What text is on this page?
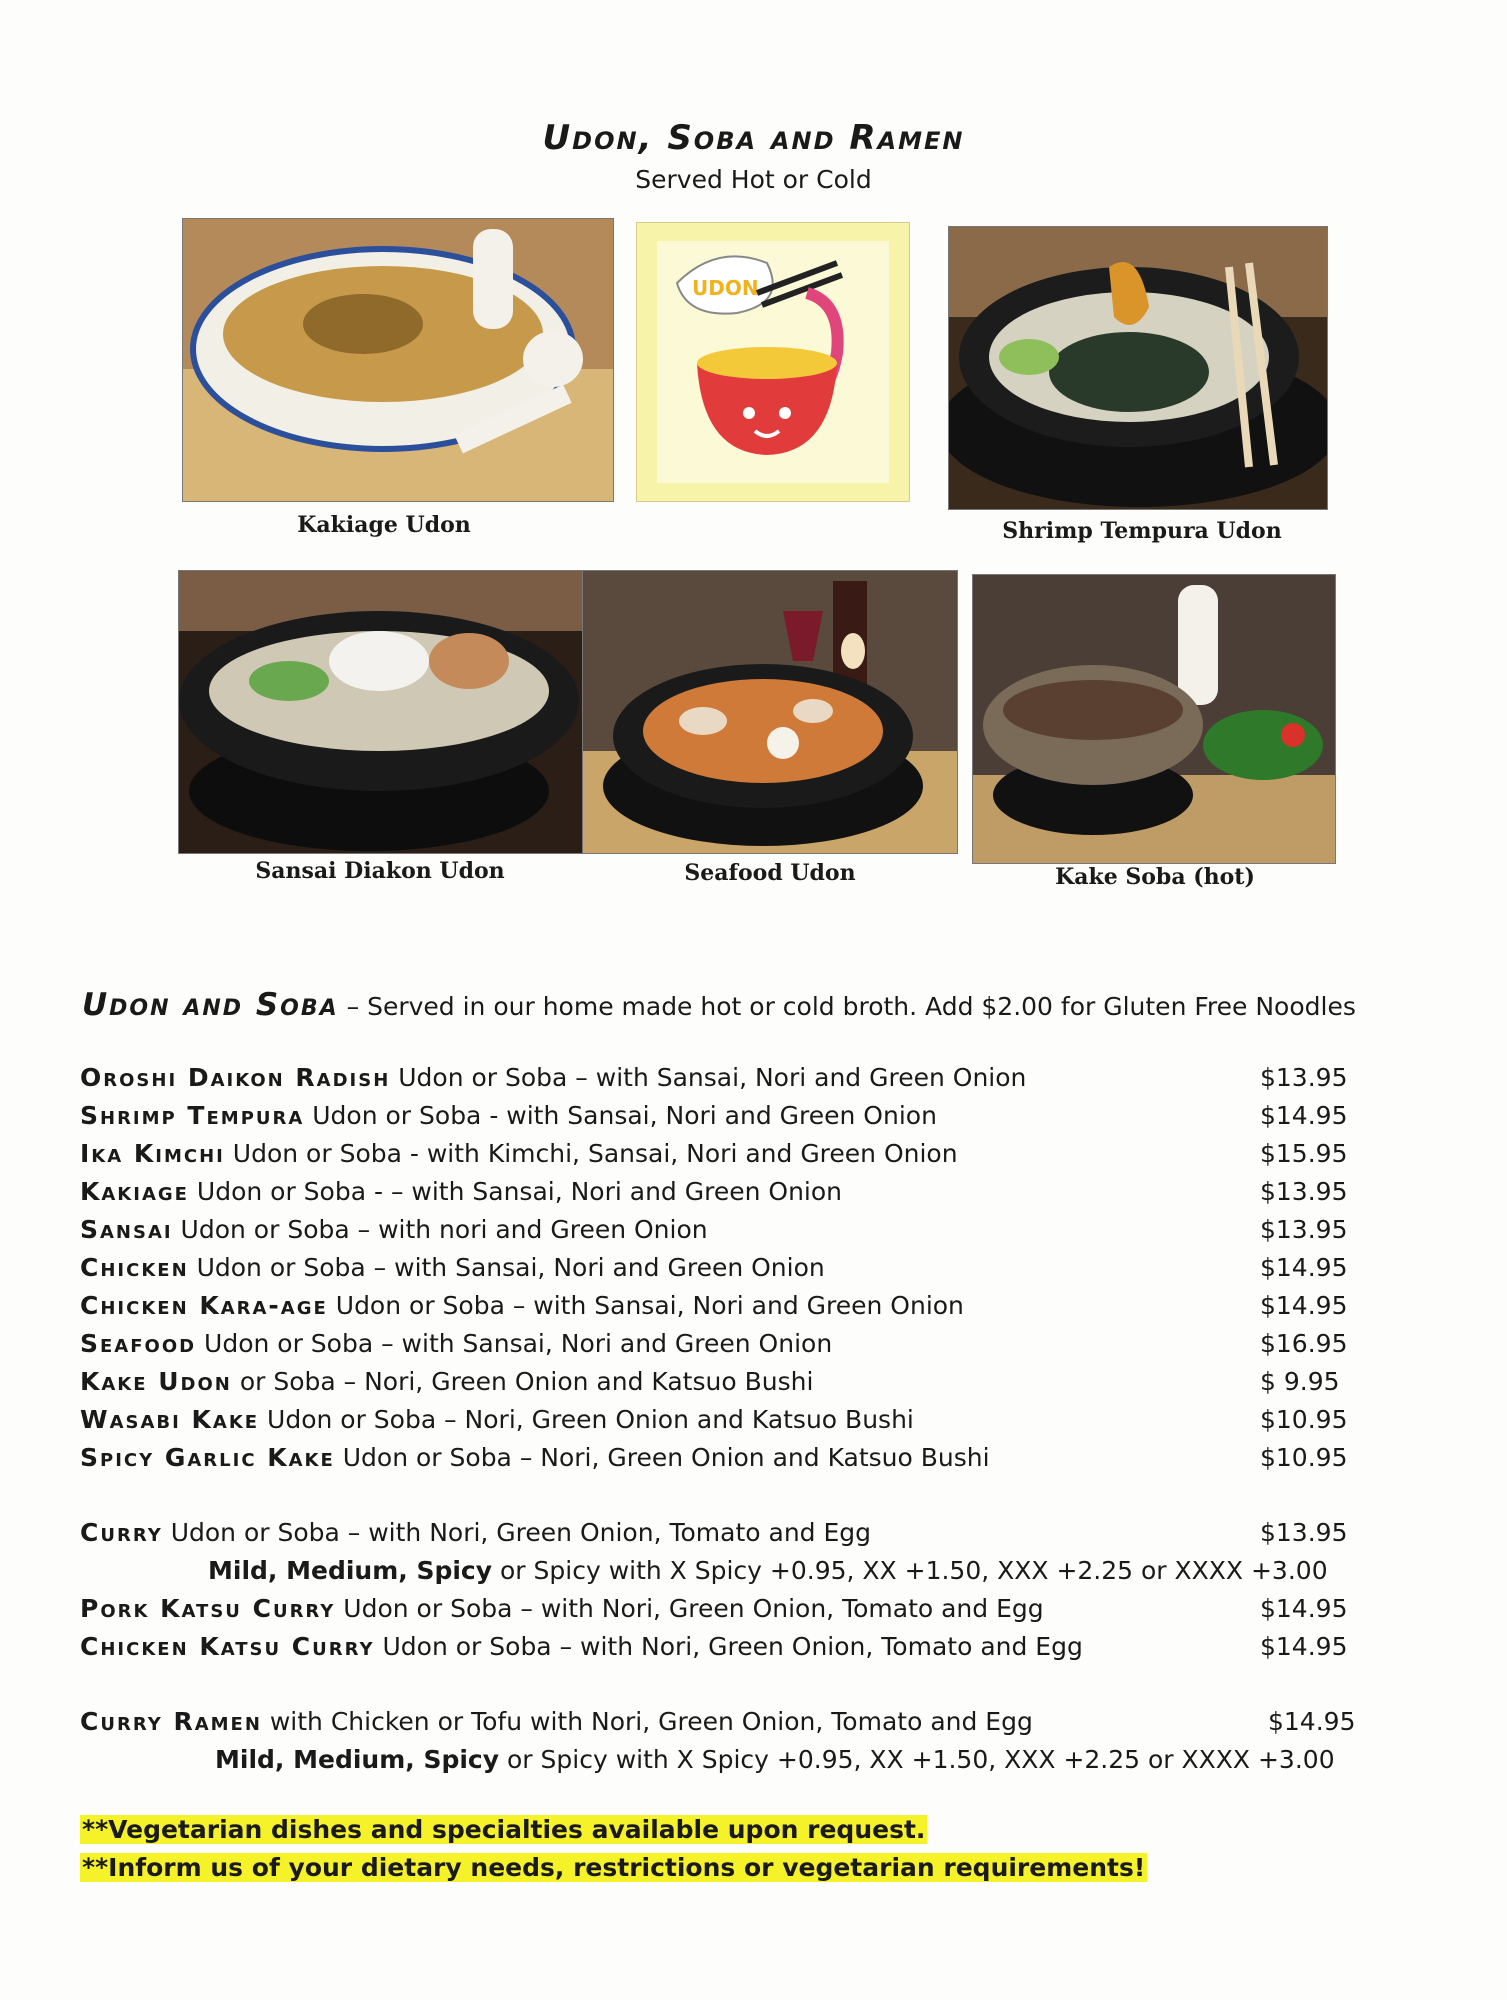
Udon, Soba and Ramen
Served Hot or Cold
Kakiage Udon
UDON
Shrimp Tempura Udon
Sansai Diakon Udon	Seafood Udon	Kake Soba (hot)
Udon and Soba – Served in our home made hot or cold broth. Add $2.00 for Gluten Free Noodles
Oroshi Daikon Radish Udon or Soba – with Sansai, Nori and Green Onion	$13.95
Shrimp Tempura Udon or Soba - with Sansai, Nori and Green Onion	$14.95
Ika Kimchi Udon or Soba - with Kimchi, Sansai, Nori and Green Onion	$15.95
Kakiage Udon or Soba - – with Sansai, Nori and Green Onion	$13.95
Sansai Udon or Soba – with nori and Green Onion	$13.95
Chicken Udon or Soba – with Sansai, Nori and Green Onion	$14.95
Chicken Kara-age Udon or Soba – with Sansai, Nori and Green Onion	$14.95
Seafood Udon or Soba – with Sansai, Nori and Green Onion	$16.95
Kake Udon or Soba – Nori, Green Onion and Katsuo Bushi	$ 9.95
Wasabi Kake Udon or Soba – Nori, Green Onion and Katsuo Bushi	$10.95
Spicy Garlic Kake Udon or Soba – Nori, Green Onion and Katsuo Bushi	$10.95
Curry Udon or Soba – with Nori, Green Onion, Tomato and Egg	$13.95
Mild, Medium, Spicy or Spicy with X Spicy +0.95, XX +1.50, XXX +2.25 or XXXX +3.00
Pork Katsu Curry Udon or Soba – with Nori, Green Onion, Tomato and Egg	$14.95
Chicken Katsu Curry Udon or Soba – with Nori, Green Onion, Tomato and Egg	$14.95
Curry Ramen with Chicken or Tofu with Nori, Green Onion, Tomato and Egg	$14.95
Mild, Medium, Spicy or Spicy with X Spicy +0.95, XX +1.50, XXX +2.25 or XXXX +3.00
**Vegetarian dishes and specialties available upon request.
**Inform us of your dietary needs, restrictions or vegetarian requirements!
